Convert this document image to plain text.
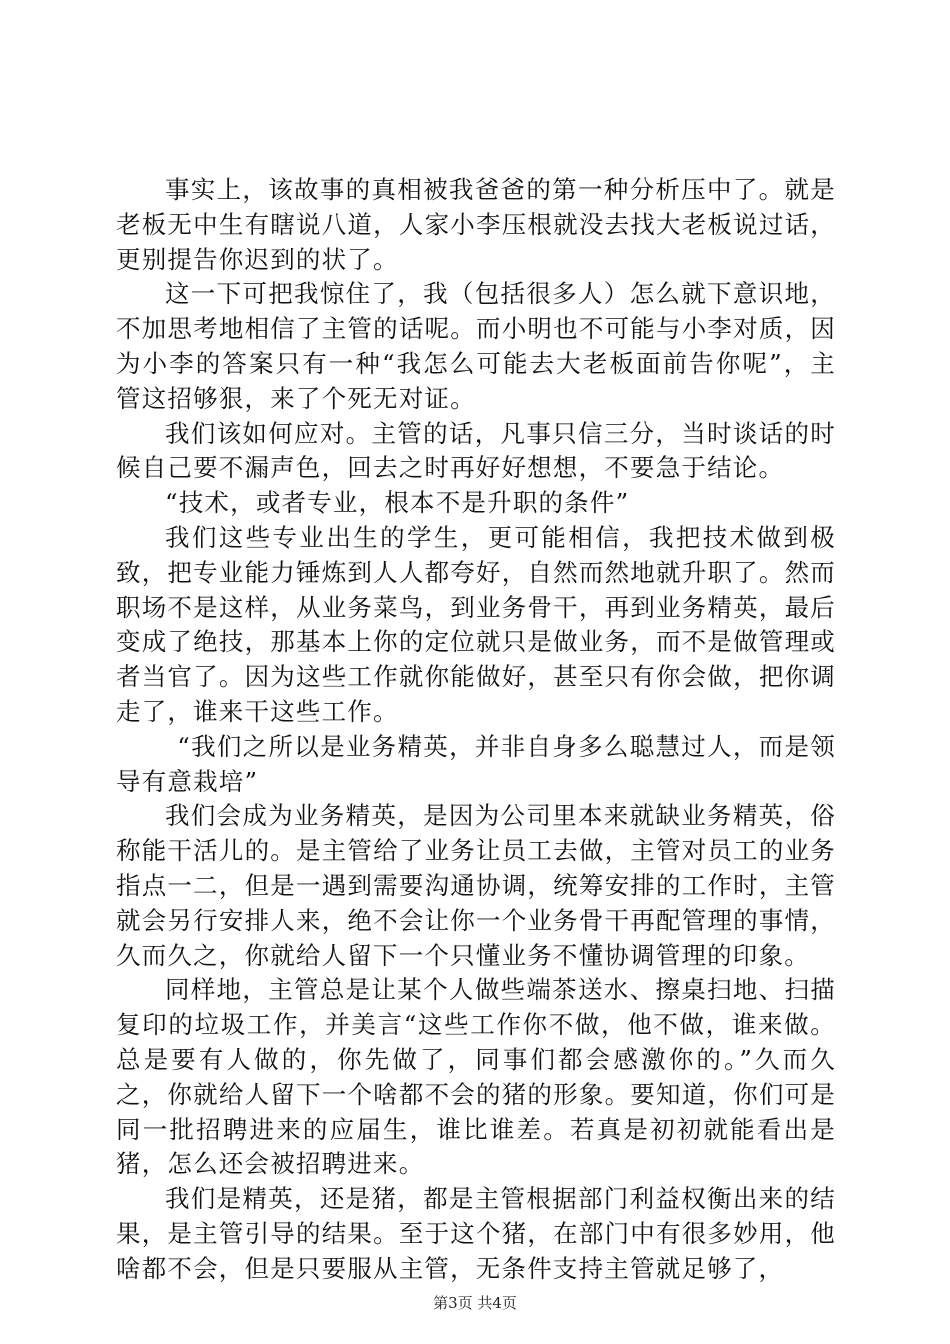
事实上，该故事的真相被我爸爸的第一种分析压中了。就是老板无中生有瞎说八道，人家小李压根就没去找大老板说过话，更别提告你迟到的状了。

这一下可把我惊住了，我（包括很多人）怎么就下意识地，不加思考地相信了主管的话呢。而小明也不可能与小李对质，因为小李的答案只有一种“我怎么可能去大老板面前告你呢”，主管这招够狠，来了个死无对证。

我们该如何应对。主管的话，凡事只信三分，当时谈话的时候自己要不漏声色，回去之时再好好想想，不要急于结论。

“技术，或者专业，根本不是升职的条件”

我们这些专业出生的学生，更可能相信，我把技术做到极致，把专业能力锤炼到人人都夸好，自然而然地就升职了。然而职场不是这样，从业务菜鸟，到业务骨干，再到业务精英，最后变成了绝技，那基本上你的定位就只是做业务，而不是做管理或者当官了。因为这些工作就你能做好，甚至只有你会做，把你调走了，谁来干这些工作。

“我们之所以是业务精英，并非自身多么聪慧过人，而是领导有意栽培”

我们会成为业务精英，是因为公司里本来就缺业务精英，俗称能干活儿的。是主管给了业务让员工去做，主管对员工的业务指点一二，但是一遇到需要沟通协调，统筹安排的工作时，主管就会另行安排人来，绝不会让你一个业务骨干再配管理的事情，久而久之，你就给人留下一个只懂业务不懂协调管理的印象。

同样地，主管总是让某个人做些端茶送水、擦桌扫地、扫描复印的垃圾工作，并美言“这些工作你不做，他不做，谁来做。总是要有人做的，你先做了，同事们都会感激你的。”久而久之，你就给人留下一个啥都不会的猪的形象。要知道，你们可是同一批招聘进来的应届生，谁比谁差。若真是初初就能看出是猪，怎么还会被招聘进来。

我们是精英，还是猪，都是主管根据部门利益权衡出来的结果，是主管引导的结果。至于这个猪，在部门中有很多妙用，他啥都不会，但是只要服从主管，无条件支持主管就足够了，

第3页 共4页
